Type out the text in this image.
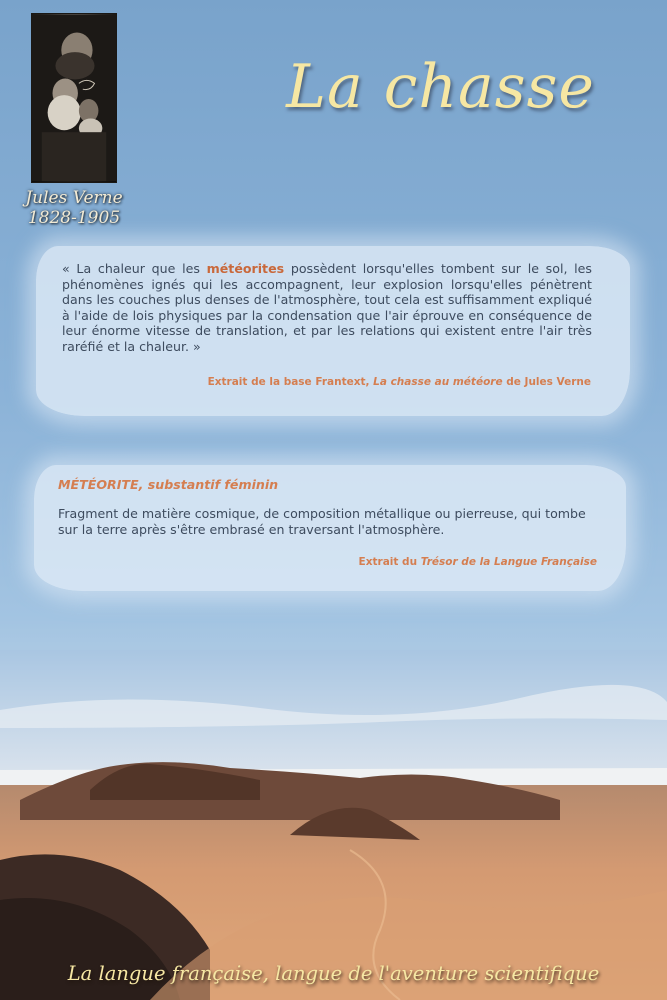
Jules Verne
1828-1905
La chasse
« La chaleur que les météorites possèdent lorsqu'elles tombent sur le sol, les phénomènes ignés qui les accompagnent, leur explosion lorsqu'elles pénètrent dans les couches plus denses de l'atmosphère, tout cela est suffisamment expliqué à l'aide de lois physiques par la condensation que l'air éprouve en conséquence de leur énorme vitesse de translation, et par les relations qui existent entre l'air très raréfié et la chaleur. »
Extrait de la base Frantext, La chasse au météore de Jules Verne
MÉTÉORITE, substantif féminin
Fragment de matière cosmique, de composition métallique ou pierreuse, qui tombe sur la terre après s'être embrasé en traversant l'atmosphère.
Extrait du Trésor de la Langue Française
La langue française, langue de l'aventure scientifique
